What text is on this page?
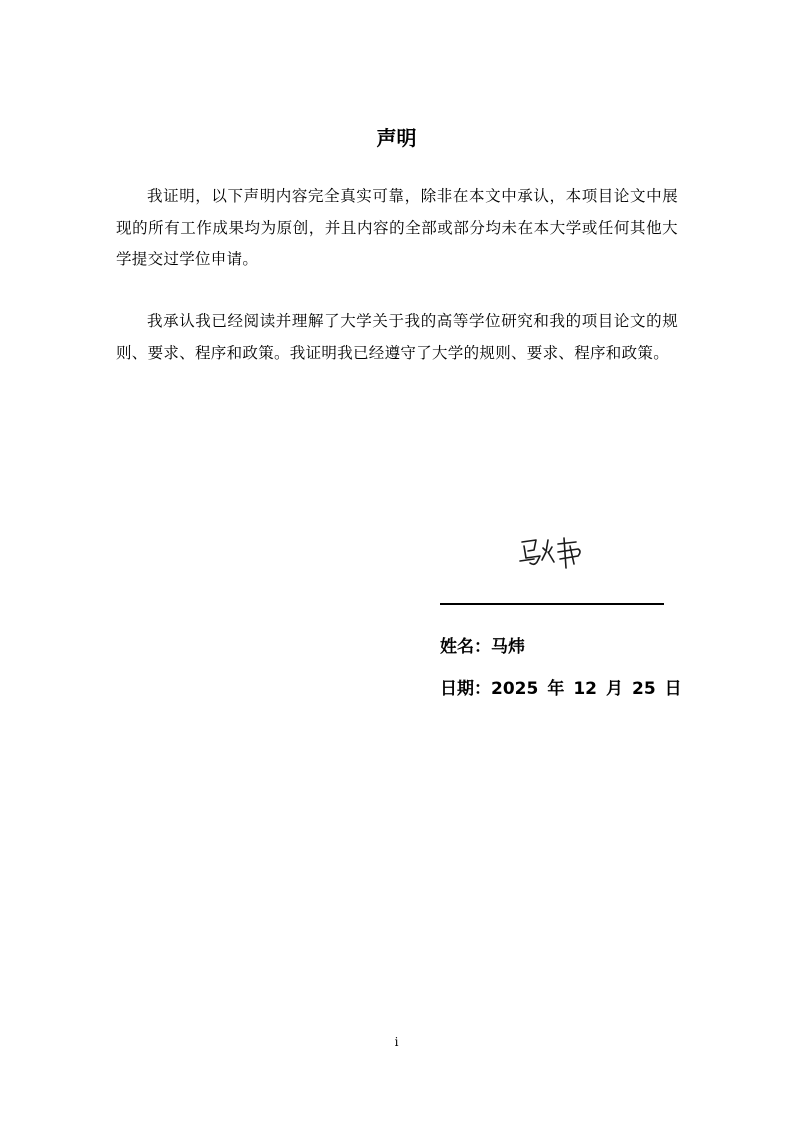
声明
我证明，以下声明内容完全真实可靠，除非在本文中承认，本项目论文中展现的所有工作成果均为原创，并且内容的全部或部分均未在本大学或任何其他大学提交过学位申请。
我承认我已经阅读并理解了大学关于我的高等学位研究和我的项目论文的规则、要求、程序和政策。我证明我已经遵守了大学的规则、要求、程序和政策。
姓名：马炜
日期：2025 年 12 月 25 日
i
